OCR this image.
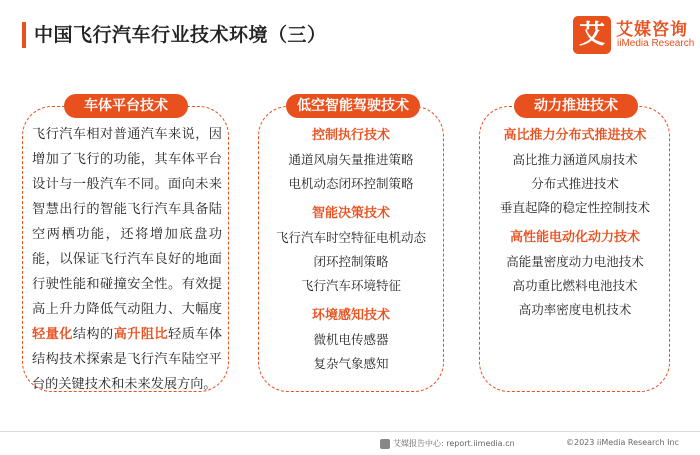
中国飞行汽车行业技术环境（三）	艾 艾媒咨询
iiMedia Research
车体平台技术
飞行汽车相对普通汽车来说，因增加了飞行的功能，其车体平台设计与一般汽车不同。面向未来智慧出行的智能飞行汽车具备陆空两栖功能，还将增加底盘功能，以保证飞行汽车良好的地面行驶性能和碰撞安全性。有效提高上升力降低气动阻力、大幅度轻量化结构的高升阻比轻质车体结构技术探索是飞行汽车陆空平台的关键技术和未来发展方向。
低空智能驾驶技术
控制执行技术
通道风扇矢量推进策略
电机动态闭环控制策略
智能决策技术
飞行汽车时空特征电机动态
闭环控制策略
飞行汽车环境特征
环境感知技术
微机电传感器
复杂气象感知
动力推进技术
高比推力分布式推进技术
高比推力涵道风扇技术
分布式推进技术
垂直起降的稳定性控制技术
高性能电动化动力技术
高能量密度动力电池技术
高功重比燃料电池技术
高功率密度电机技术
艾媒报告中心: report.iimedia.cn	©2023 iiMedia Research Inc
